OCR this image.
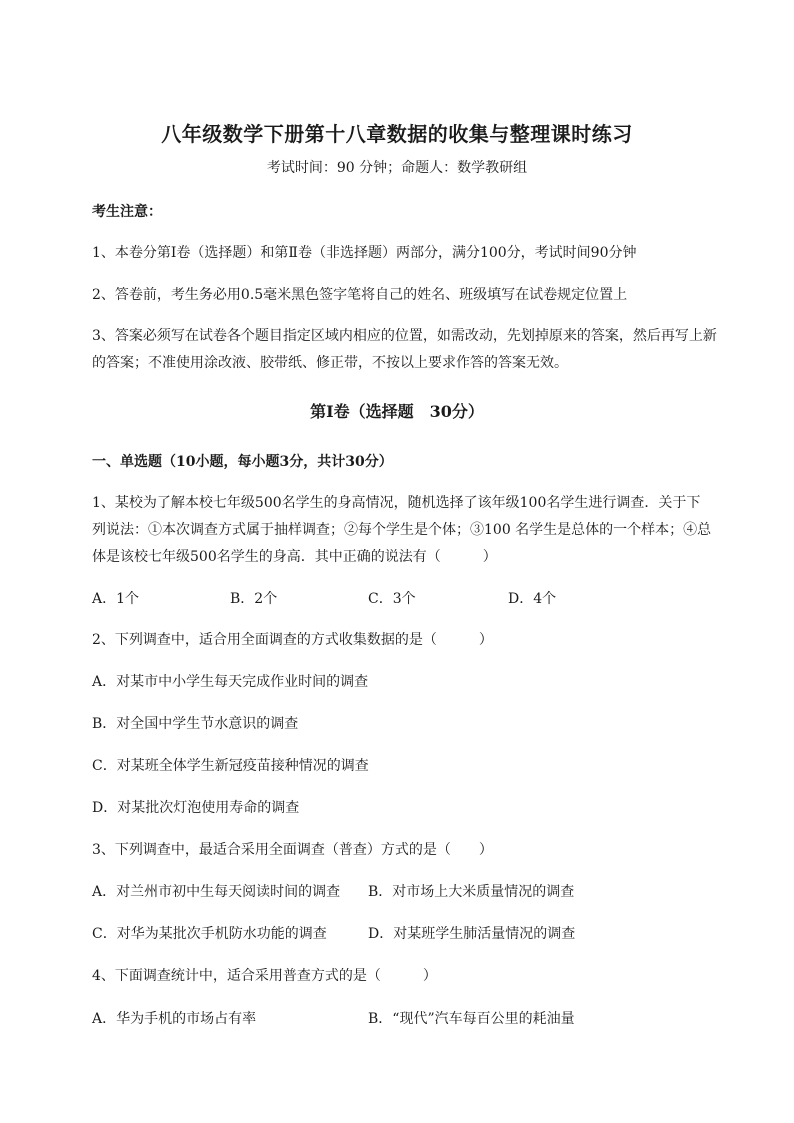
八年级数学下册第十八章数据的收集与整理课时练习
考试时间：90 分钟；命题人：数学教研组
考生注意：
1、本卷分第Ⅰ卷（选择题）和第Ⅱ卷（非选择题）两部分，满分100分，考试时间90分钟
2、答卷前，考生务必用0.5毫米黑色签字笔将自己的姓名、班级填写在试卷规定位置上
3、答案必须写在试卷各个题目指定区域内相应的位置，如需改动，先划掉原来的答案，然后再写上新
的答案；不准使用涂改液、胶带纸、修正带，不按以上要求作答的答案无效。
第Ⅰ卷（选择题　30分）
一、单选题（10小题，每小题3分，共计30分）
1、某校为了解本校七年级500名学生的身高情况，随机选择了该年级100名学生进行调查．关于下
列说法：①本次调查方式属于抽样调查；②每个学生是个体；③100 名学生是总体的一个样本；④总
体是该校七年级500名学生的身高．其中正确的说法有（　　　）
A．1个	B．2个	C．3个	D．4个
2、下列调查中，适合用全面调查的方式收集数据的是（　　　）
A．对某市中小学生每天完成作业时间的调查
B．对全国中学生节水意识的调查
C．对某班全体学生新冠疫苗接种情况的调查
D．对某批次灯泡使用寿命的调查
3、下列调查中，最适合采用全面调查（普查）方式的是（　　）
A．对兰州市初中生每天阅读时间的调查 B．对市场上大米质量情况的调查
C．对华为某批次手机防水功能的调查	D．对某班学生肺活量情况的调查
4、下面调查统计中，适合采用普查方式的是（　　　）
A．华为手机的市场占有率	B．“现代”汽车每百公里的耗油量
